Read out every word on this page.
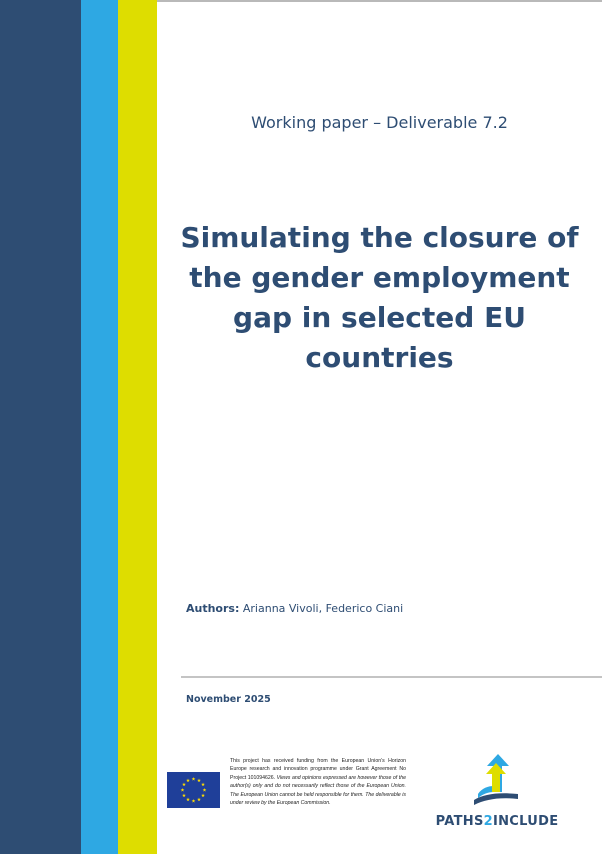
Working paper – Deliverable 7.2
Simulating the closure of
the gender employment
gap in selected EU
countries
Authors: Arianna Vivoli, Federico Ciani
November 2025
This project has received funding from the European Union’s Horizon Europe research and innovation programme under Grant Agreement No Project 101094626. Views and opinions expressed are however those of the author(s) only and do not necessarily reflect those of the European Union. The European Union cannot be held responsible for them. The deliverable is under review by the European Commission.
PATHS2INCLUDE
